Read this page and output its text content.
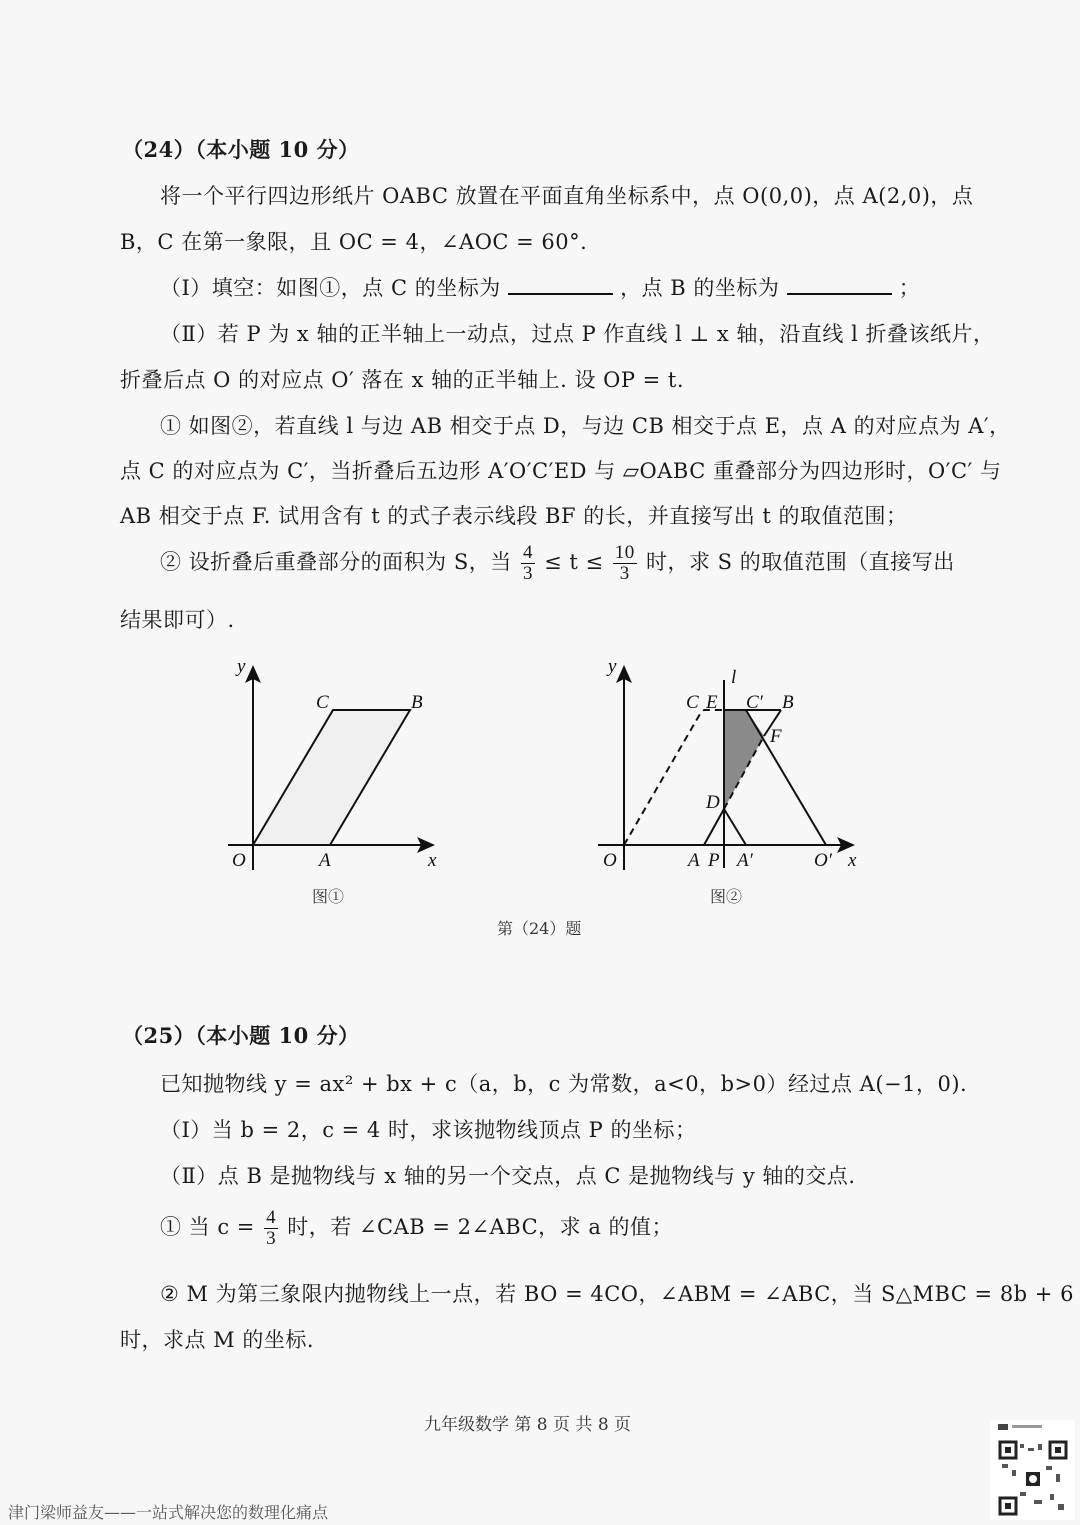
（24）（本小题 10 分）
将一个平行四边形纸片 OABC 放置在平面直角坐标系中，点 O(0,0)，点 A(2,0)，点
B，C 在第一象限，且 OC = 4，∠AOC = 60°.
（Ⅰ）填空：如图①，点 C 的坐标为	，点 B 的坐标为	；
（Ⅱ）若 P 为 x 轴的正半轴上一动点，过点 P 作直线 l ⊥ x 轴，沿直线 l 折叠该纸片，
折叠后点 O 的对应点 O′ 落在 x 轴的正半轴上. 设 OP = t.
① 如图②，若直线 l 与边 AB 相交于点 D，与边 CB 相交于点 E，点 A 的对应点为 A′，
点 C 的对应点为 C′，当折叠后五边形 A′O′C′ED 与 ▱OABC 重叠部分为四边形时，O′C′ 与
AB 相交于点 F. 试用含有 t 的式子表示线段 BF 的长，并直接写出 t 的取值范围；
② 设折叠后重叠部分的面积为 S，当 $\frac{4}{3} \le t \le \frac{10}{3}$ 时，求 S 的取值范围（直接写出
结果即可）.
y
x
O	A
C	B
y
x
l
O	A P A′	O′
C E C′ B
F
D
图①	图②
第（24）题
（25）（本小题 10 分）
已知抛物线 y = ax² + bx + c（a，b，c 为常数，a<0，b>0）经过点 A(−1，0).
（Ⅰ）当 b = 2，c = 4 时，求该抛物线顶点 P 的坐标；
（Ⅱ）点 B 是抛物线与 x 轴的另一个交点，点 C 是抛物线与 y 轴的交点.
① 当 $c = \frac{4}{3}$ 时，若 ∠CAB = 2∠ABC，求 a 的值；
② M 为第三象限内抛物线上一点，若 BO = 4CO，∠ABM = ∠ABC，当 S△MBC = 8b + 6
时，求点 M 的坐标.
九年级数学 第 8 页 共 8 页
津门梁师益友——一站式解决您的数理化痛点
